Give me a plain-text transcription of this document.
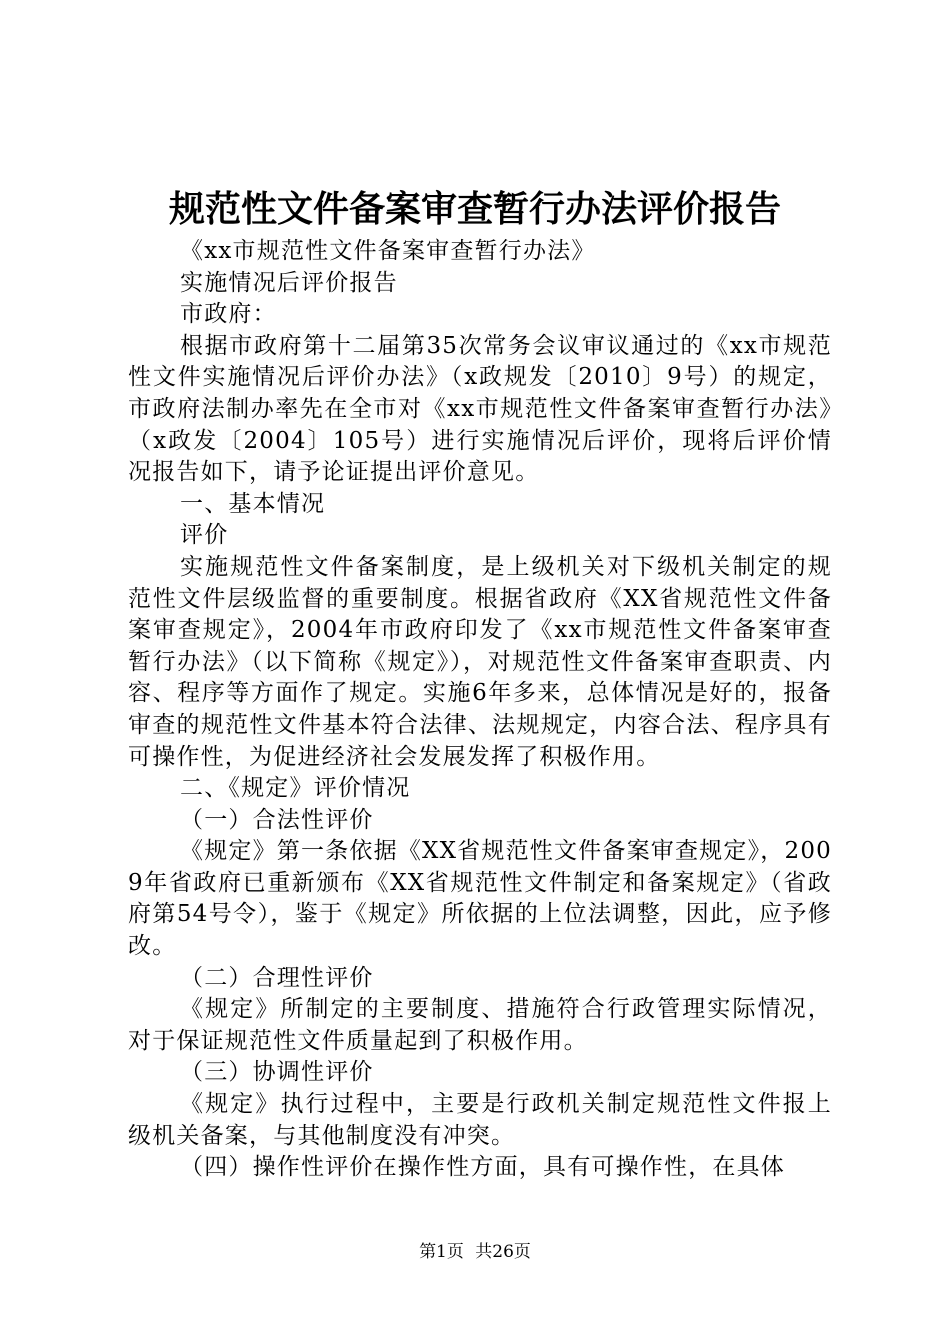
规范性文件备案审查暂行办法评价报告

《xx市规范性文件备案审查暂行办法》

实施情况后评价报告

市政府：

根据市政府第十二届第35次常务会议审议通过的《xx市规范性文件实施情况后评价办法》（x政规发〔2010〕9号）的规定，市政府法制办率先在全市对《xx市规范性文件备案审查暂行办法》（x政发〔2004〕105号）进行实施情况后评价，现将后评价情况报告如下，请予论证提出评价意见。

一、基本情况

评价

实施规范性文件备案制度，是上级机关对下级机关制定的规范性文件层级监督的重要制度。根据省政府《XX省规范性文件备案审查规定》，2004年市政府印发了《xx市规范性文件备案审查暂行办法》（以下简称《规定》），对规范性文件备案审查职责、内容、程序等方面作了规定。实施6年多来，总体情况是好的，报备审查的规范性文件基本符合法律、法规规定，内容合法、程序具有可操作性，为促进经济社会发展发挥了积极作用。

二、《规定》评价情况

（一）合法性评价

《规定》第一条依据《XX省规范性文件备案审查规定》，2009年省政府已重新颁布《XX省规范性文件制定和备案规定》（省政府第54号令），鉴于《规定》所依据的上位法调整，因此，应予修改。

（二）合理性评价

《规定》所制定的主要制度、措施符合行政管理实际情况，对于保证规范性文件质量起到了积极作用。

（三）协调性评价

《规定》执行过程中，主要是行政机关制定规范性文件报上级机关备案，与其他制度没有冲突。

（四）操作性评价在操作性方面，具有可操作性，在具体

第1页 共26页
